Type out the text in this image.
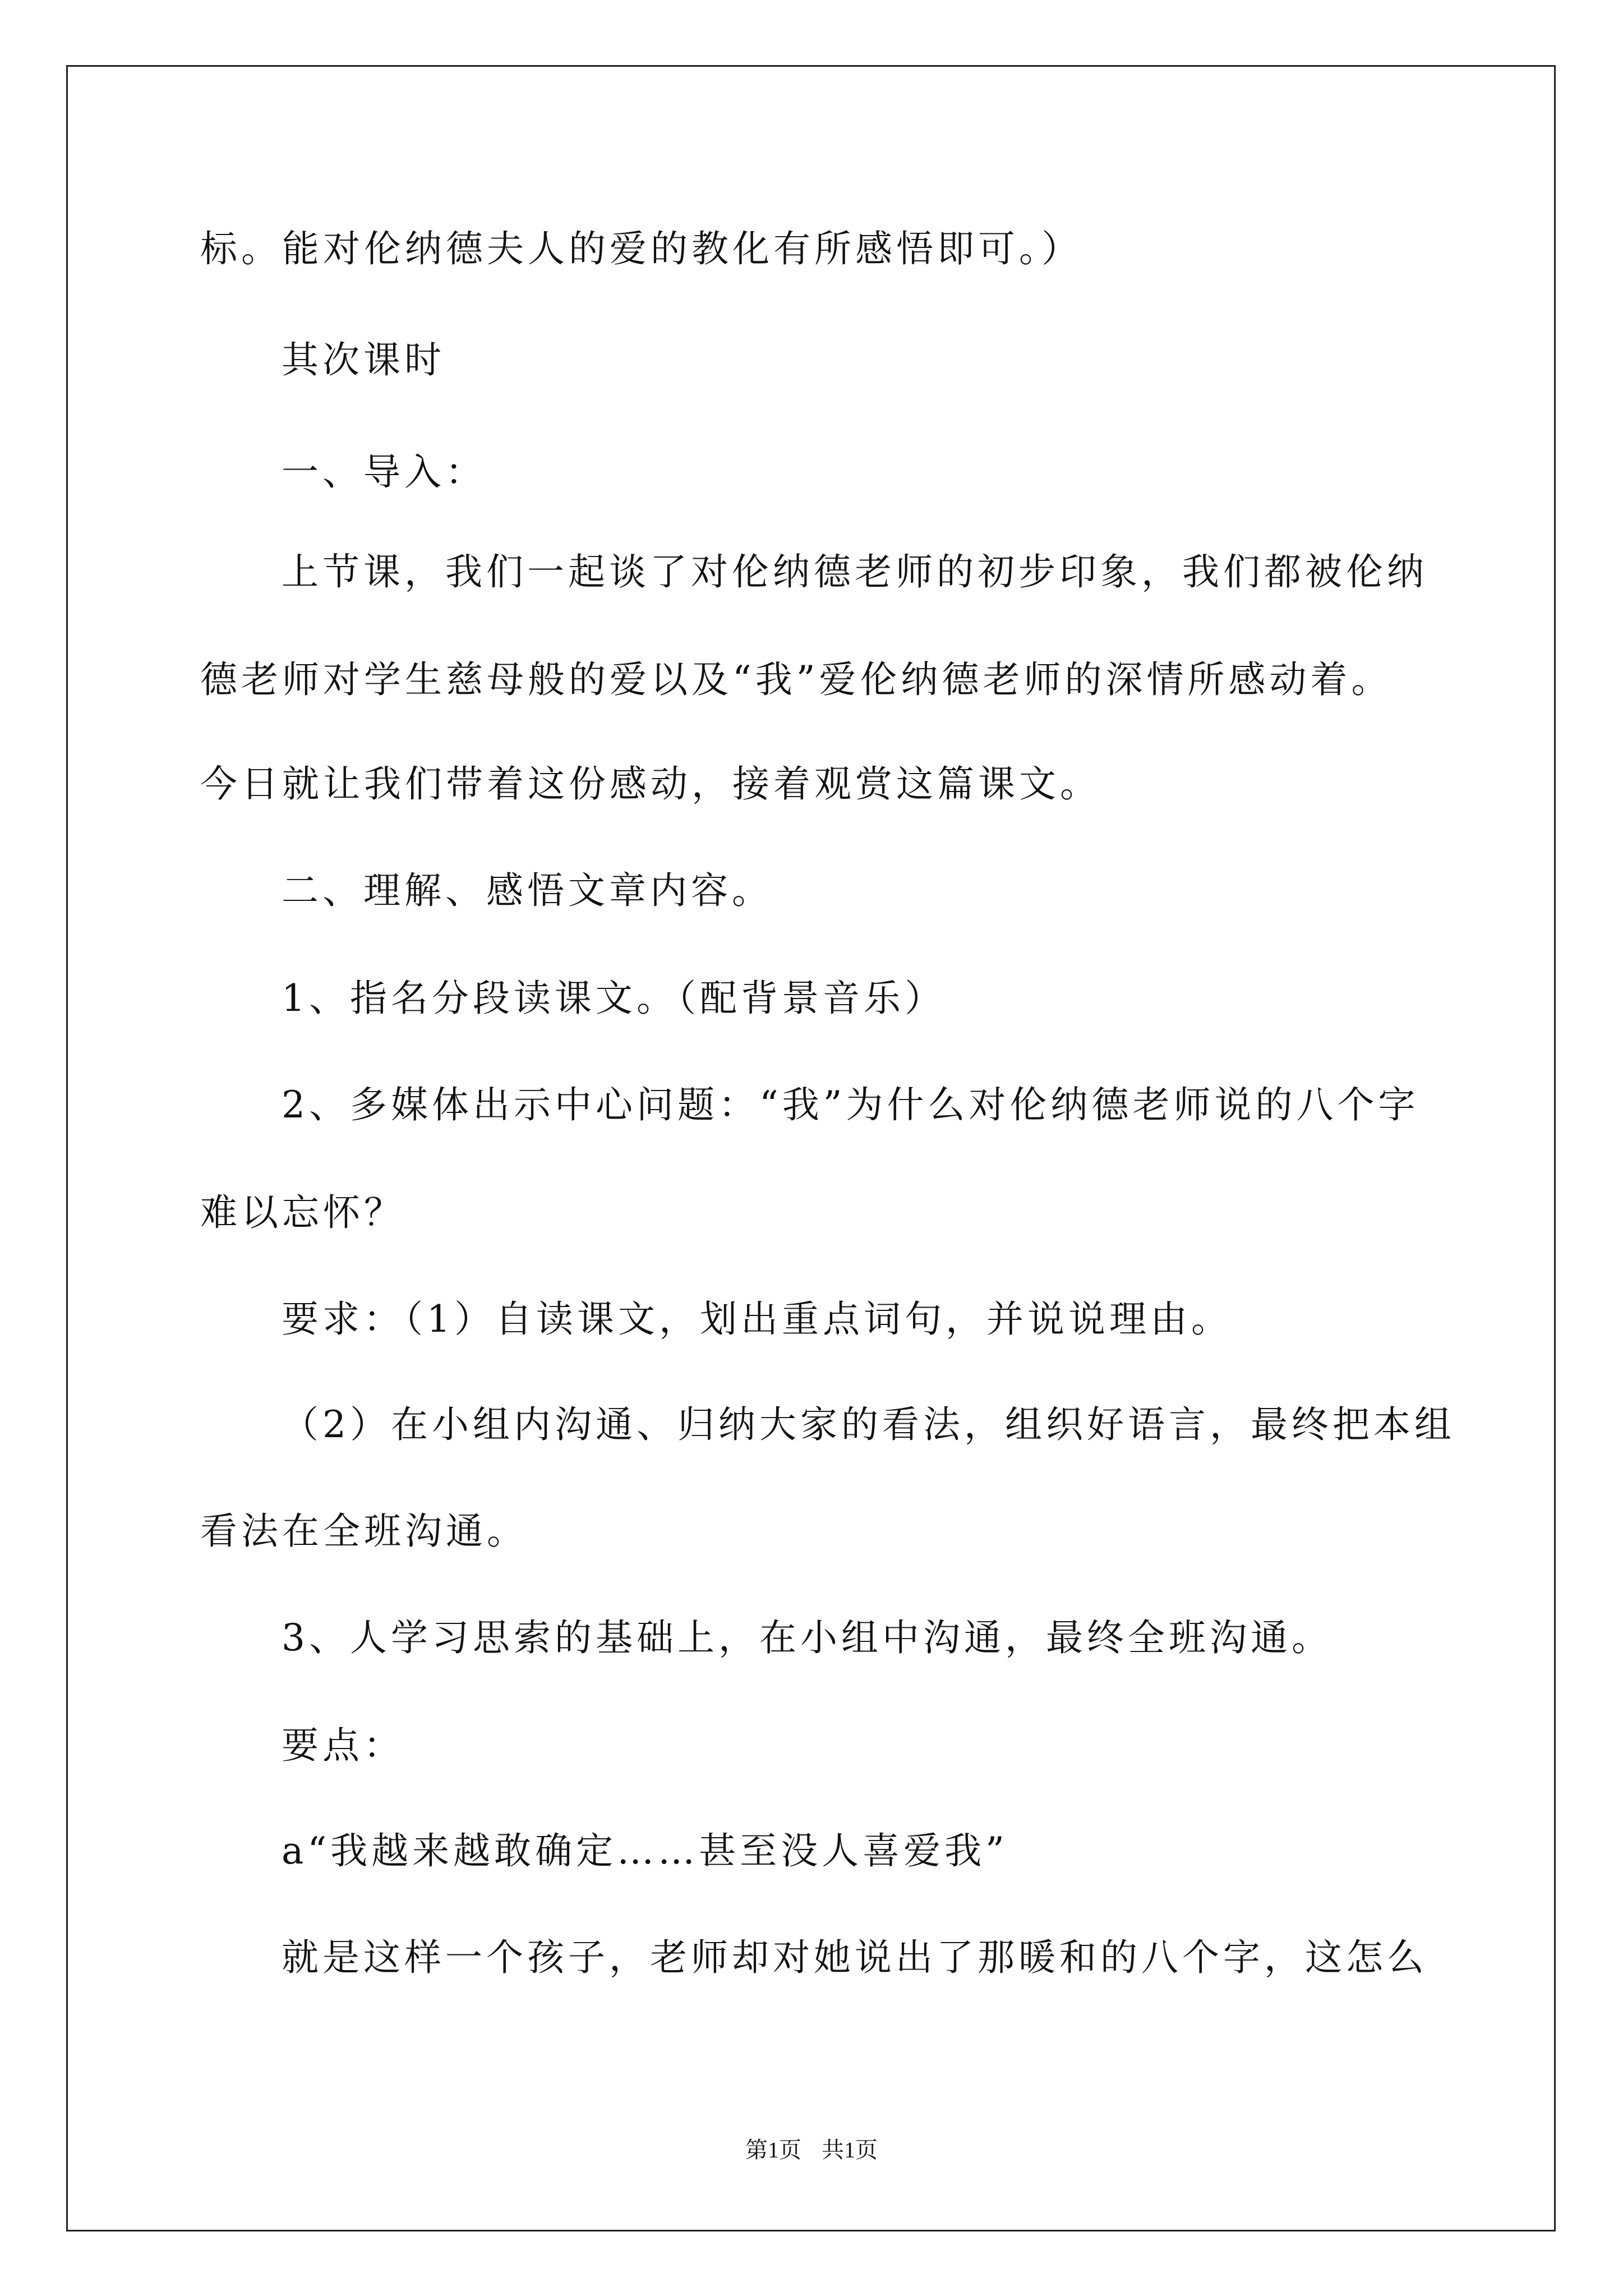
标。能对伦纳德夫人的爱的教化有所感悟即可。）
其次课时
一、导入：
上节课，我们一起谈了对伦纳德老师的初步印象，我们都被伦纳
德老师对学生慈母般的爱以及“我”爱伦纳德老师的深情所感动着。
今日就让我们带着这份感动，接着观赏这篇课文。
二、理解、感悟文章内容。
1、指名分段读课文。（配背景音乐）
2、多媒体出示中心问题：“我”为什么对伦纳德老师说的八个字
难以忘怀？
要求：（1）自读课文，划出重点词句，并说说理由。
（2）在小组内沟通、归纳大家的看法，组织好语言，最终把本组
看法在全班沟通。
3、人学习思索的基础上，在小组中沟通，最终全班沟通。
要点：
a“我越来越敢确定……甚至没人喜爱我”
就是这样一个孩子，老师却对她说出了那暖和的八个字，这怎么
第1页 共1页
